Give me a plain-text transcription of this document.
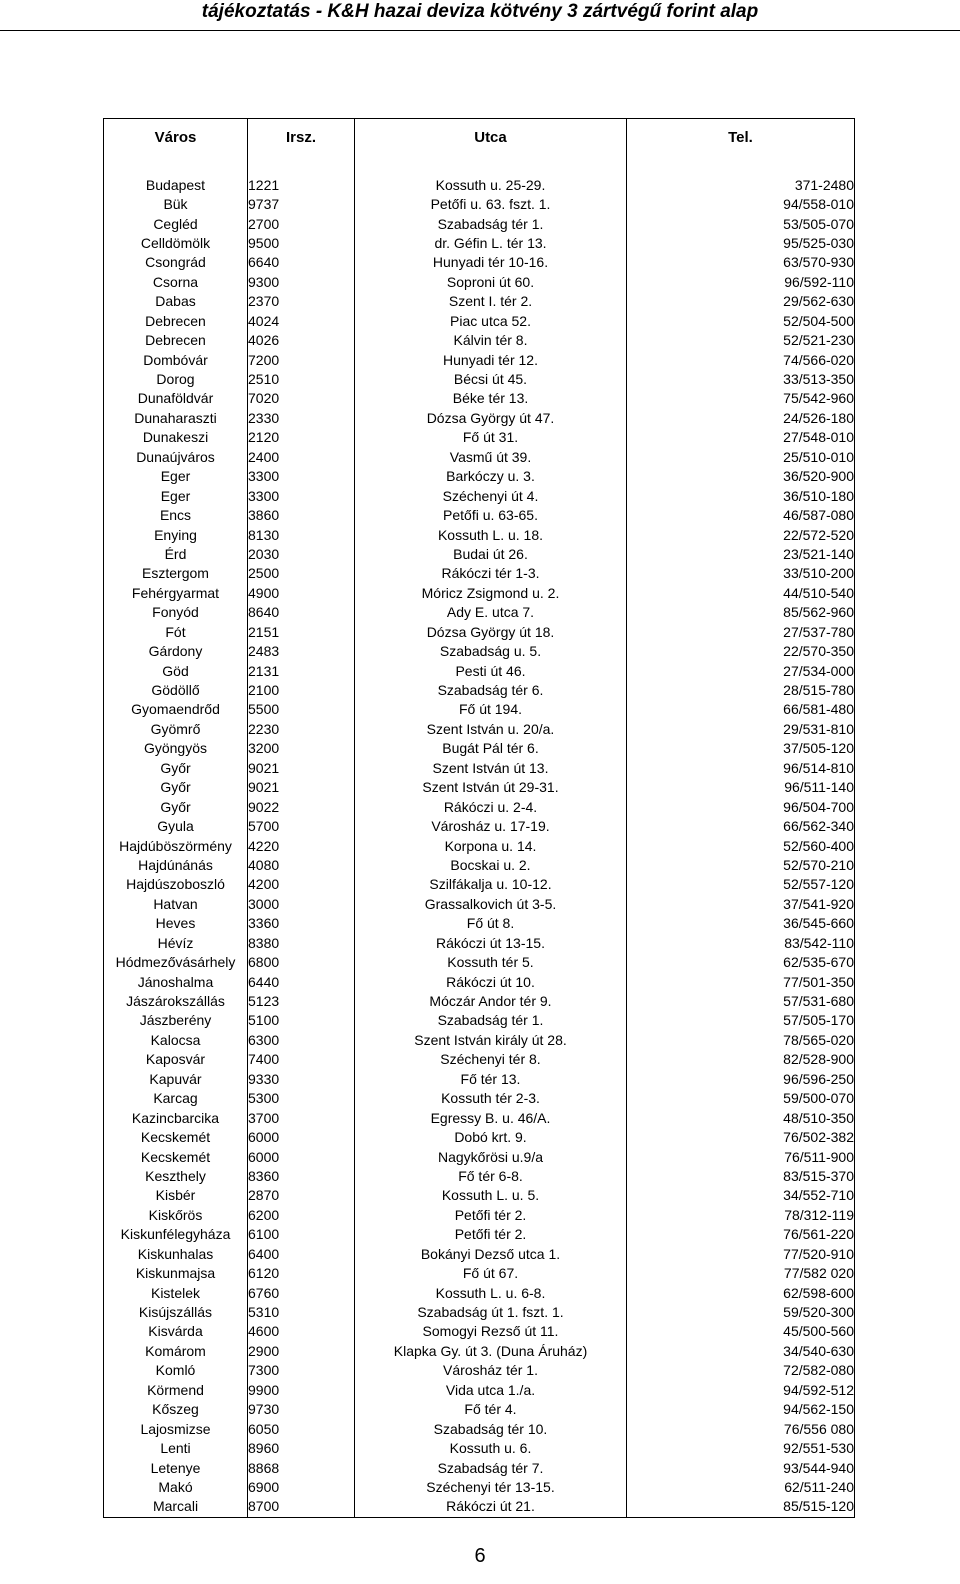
tájékoztatás - K&H hazai deviza kötvény 3 zártvégű forint alap
Város	Irsz.	Utca	Tel.

Budapest	1221	Kossuth u. 25-29.	371-2480
Bük	9737	Petőfi u. 63. fszt. 1.	94/558-010
Cegléd	2700	Szabadság tér 1.	53/505-070
Celldömölk	9500	dr. Géfin L. tér 13.	95/525-030
Csongrád	6640	Hunyadi tér 10-16.	63/570-930
Csorna	9300	Soproni út 60.	96/592-110
Dabas	2370	Szent I. tér 2.	29/562-630
Debrecen	4024	Piac utca 52.	52/504-500
Debrecen	4026	Kálvin tér 8.	52/521-230
Dombóvár	7200	Hunyadi tér 12.	74/566-020
Dorog	2510	Bécsi út 45.	33/513-350
Dunaföldvár	7020	Béke tér 13.	75/542-960
Dunaharaszti	2330	Dózsa György út 47.	24/526-180
Dunakeszi	2120	Fő út 31.	27/548-010
Dunaújváros	2400	Vasmű út 39.	25/510-010
Eger	3300	Barkóczy u. 3.	36/520-900
Eger	3300	Széchenyi út 4.	36/510-180
Encs	3860	Petőfi u. 63-65.	46/587-080
Enying	8130	Kossuth L. u. 18.	22/572-520
Érd	2030	Budai út 26.	23/521-140
Esztergom	2500	Rákóczi tér 1-3.	33/510-200
Fehérgyarmat	4900	Móricz Zsigmond u. 2.	44/510-540
Fonyód	8640	Ady E. utca 7.	85/562-960
Fót	2151	Dózsa György út 18.	27/537-780
Gárdony	2483	Szabadság u. 5.	22/570-350
Göd	2131	Pesti út 46.	27/534-000
Gödöllő	2100	Szabadság tér 6.	28/515-780
Gyomaendrőd	5500	Fő út 194.	66/581-480
Gyömrő	2230	Szent István u. 20/a.	29/531-810
Gyöngyös	3200	Bugát Pál tér 6.	37/505-120
Győr	9021	Szent István út 13.	96/514-810
Győr	9021	Szent István út 29-31.	96/511-140
Győr	9022	Rákóczi u. 2-4.	96/504-700
Gyula	5700	Városház u. 17-19.	66/562-340
Hajdúböszörmény	4220	Korpona u. 14.	52/560-400
Hajdúnánás	4080	Bocskai u. 2.	52/570-210
Hajdúszoboszló	4200	Szilfákalja u. 10-12.	52/557-120
Hatvan	3000	Grassalkovich út 3-5.	37/541-920
Heves	3360	Fő út 8.	36/545-660
Hévíz	8380	Rákóczi út 13-15.	83/542-110
Hódmezővásárhely	6800	Kossuth tér 5.	62/535-670
Jánoshalma	6440	Rákóczi út 10.	77/501-350
Jászárokszállás	5123	Móczár Andor tér 9.	57/531-680
Jászberény	5100	Szabadság tér 1.	57/505-170
Kalocsa	6300	Szent István király út 28.	78/565-020
Kaposvár	7400	Széchenyi tér 8.	82/528-900
Kapuvár	9330	Fő tér 13.	96/596-250
Karcag	5300	Kossuth tér 2-3.	59/500-070
Kazincbarcika	3700	Egressy B. u. 46/A.	48/510-350
Kecskemét	6000	Dobó krt. 9.	76/502-382
Kecskemét	6000	Nagykőrösi u.9/a	76/511-900
Keszthely	8360	Fő tér 6-8.	83/515-370
Kisbér	2870	Kossuth L. u. 5.	34/552-710
Kiskőrös	6200	Petőfi tér 2.	78/312-119
Kiskunfélegyháza	6100	Petőfi tér 2.	76/561-220
Kiskunhalas	6400	Bokányi Dezső utca 1.	77/520-910
Kiskunmajsa	6120	Fő út 67.	77/582 020
Kistelek	6760	Kossuth L. u. 6-8.	62/598-600
Kisújszállás	5310	Szabadság út 1. fszt. 1.	59/520-300
Kisvárda	4600	Somogyi Rezső út 11.	45/500-560
Komárom	2900	Klapka Gy. út 3. (Duna Áruház)	34/540-630
Komló	7300	Városház tér 1.	72/582-080
Körmend	9900	Vida utca 1./a.	94/592-512
Kőszeg	9730	Fő tér 4.	94/562-150
Lajosmizse	6050	Szabadság tér 10.	76/556 080
Lenti	8960	Kossuth u. 6.	92/551-530
Letenye	8868	Szabadság tér 7.	93/544-940
Makó	6900	Széchenyi tér 13-15.	62/511-240
Marcali	8700	Rákóczi út 21.	85/515-120
6
